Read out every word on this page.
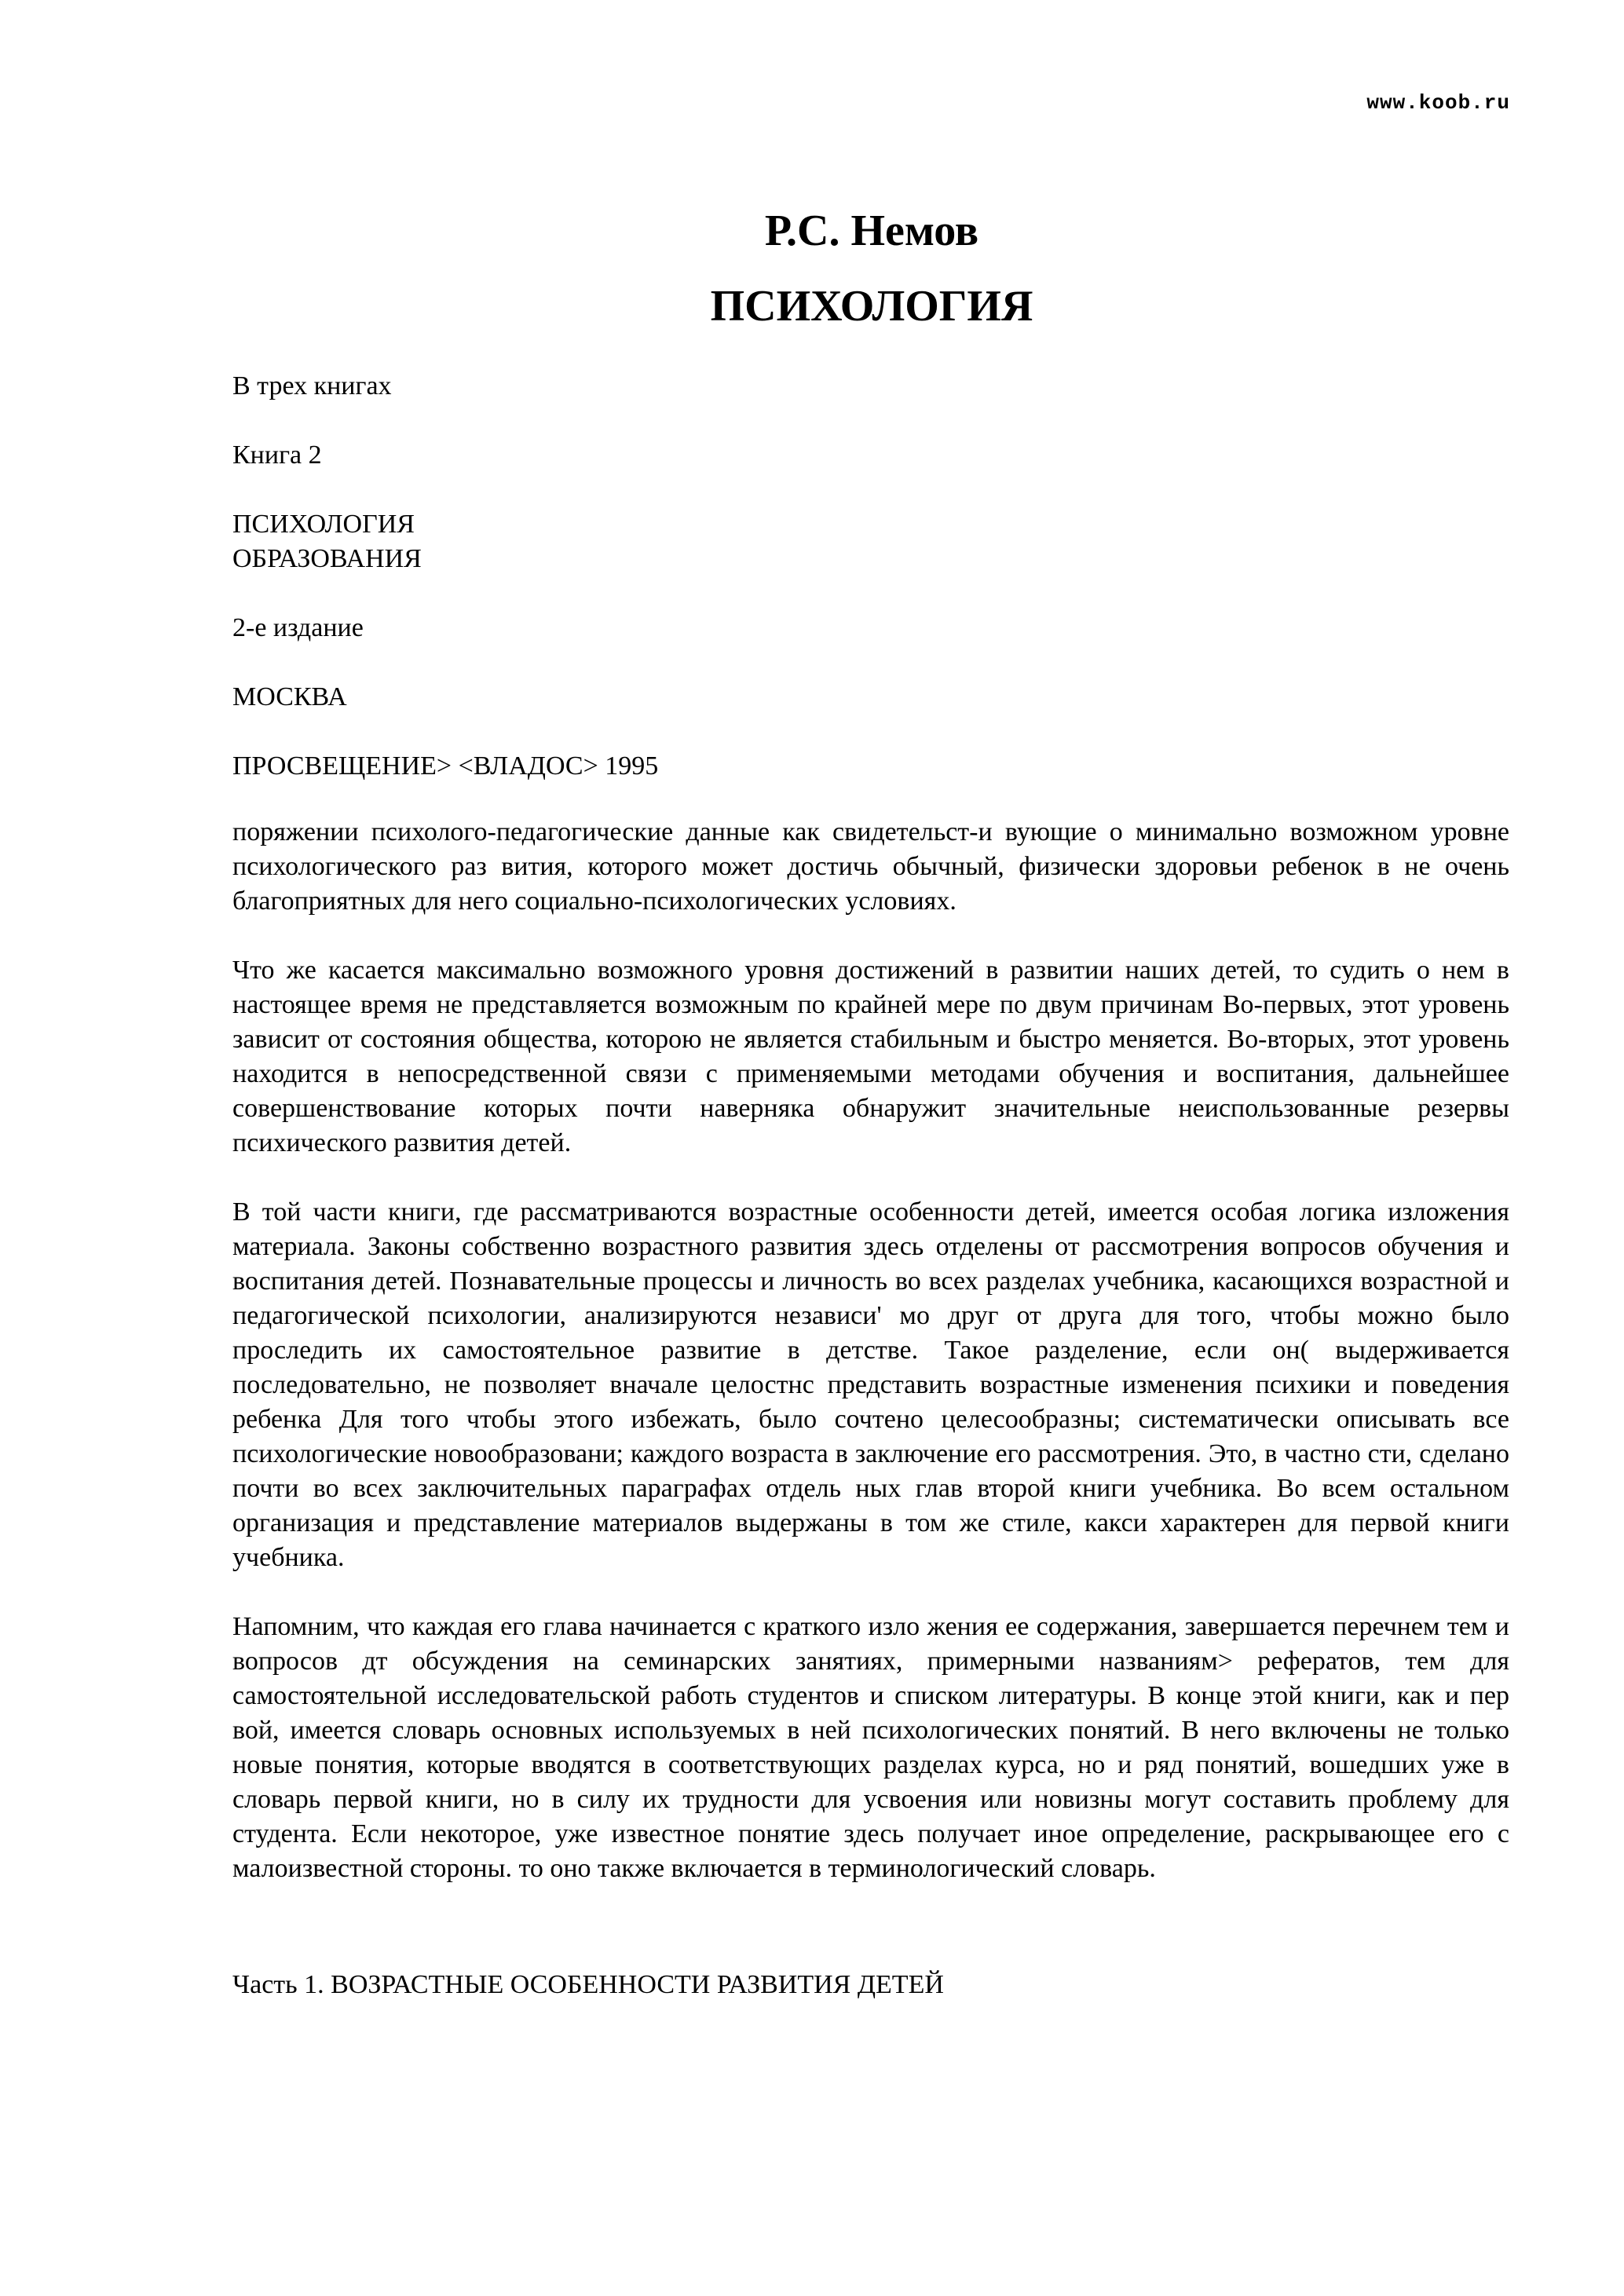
www.koob.ru
Р.С. Немов
ПСИХОЛОГИЯ
В трех книгах
Книга 2
ПСИХОЛОГИЯ ОБРАЗОВАНИЯ
2-е издание
МОСКВА
ПРОСВЕЩЕНИЕ> <ВЛАДОС> 1995

поряжении психолого-педагогические данные как свидетельст-и вующие о минимально возможном уровне психологического раз вития, которого может достичь обычный, физически здоровьи ребенок в не очень благоприятных для него социально-психологических условиях.

Что же касается максимально возможного уровня достижений в развитии наших детей, то судить о нем в настоящее время не представляется возможным по крайней мере по двум причинам Во-первых, этот уровень зависит от состояния общества, которою не является стабильным и быстро меняется. Во-вторых, этот уровень находится в непосредственной связи с применяемыми методами обучения и воспитания, дальнейшее совершенствование которых почти наверняка обнаружит значительные неиспользованные резервы психического развития детей.

В той части книги, где рассматриваются возрастные особенности детей, имеется особая логика изложения материала. Законы собственно возрастного развития здесь отделены от рассмотрения вопросов обучения и воспитания детей. Познавательные процессы и личность во всех разделах учебника, касающихся возрастной и педагогической психологии, анализируются независи' мо друг от друга для того, чтобы можно было проследить их самостоятельное развитие в детстве. Такое разделение, если он( выдерживается последовательно, не позволяет вначале целостнс представить возрастные изменения психики и поведения ребенка Для того чтобы этого избежать, было сочтено целесообразны; систематически описывать все психологические новообразовани; каждого возраста в заключение его рассмотрения. Это, в частно сти, сделано почти во всех заключительных параграфах отдель ных глав второй книги учебника. Во всем остальном организация и представление материалов выдержаны в том же стиле, какси характерен для первой книги учебника.

Напомним, что каждая его глава начинается с краткого изло жения ее содержания, завершается перечнем тем и вопросов дт обсуждения на семинарских занятиях, примерными названиям> рефератов, тем для самостоятельной исследовательской работь студентов и списком литературы. В конце этой книги, как и пер вой, имеется словарь основных используемых в ней психологических понятий. В него включены не только новые понятия, которые вводятся в соответствующих разделах курса, но и ряд понятий, вошедших уже в словарь первой книги, но в силу их трудности для усвоения или новизны могут составить проблему для студента. Если некоторое, уже известное понятие здесь получает иное определение, раскрывающее его с малоизвестной стороны. то оно также включается в терминологический словарь.

Часть 1. ВОЗРАСТНЫЕ ОСОБЕННОСТИ РАЗВИТИЯ ДЕТЕЙ
